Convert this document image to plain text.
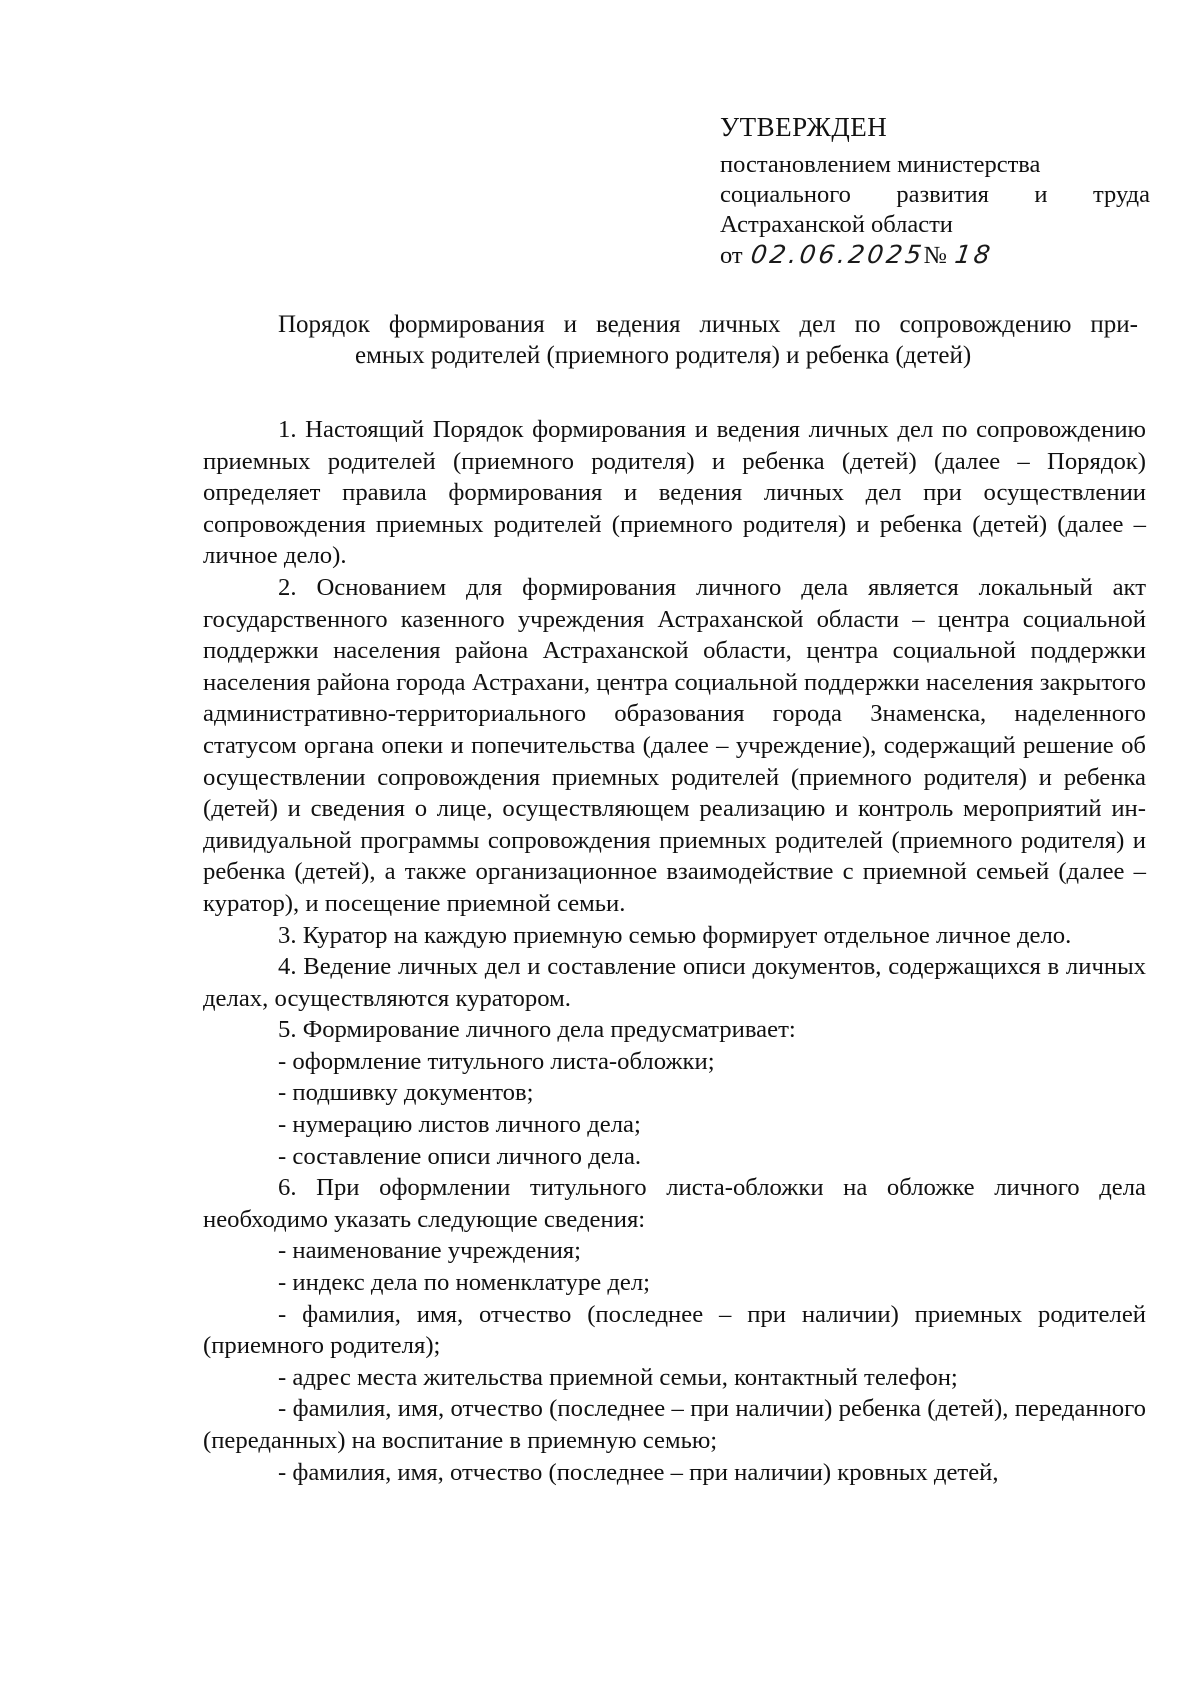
УТВЕРЖДЕН
постановлением министерства
социального развития и труда
Астраханской области
от 02.06.2025
№ 18
Порядок формирования и ведения личных дел по сопровождению при-
емных родителей (приемного родителя) и ребенка (детей)

1. Настоящий Порядок формирования и ведения личных дел по сопровождению приемных родителей (приемного родителя) и ребенка (детей) (далее – Порядок) определяет правила формирования и ведения личных дел при осуществлении сопровождения приемных родителей (приемного родителя) и ребенка (детей) (далее – личное дело).

2. Основанием для формирования личного дела является локальный акт государственного казенного учреждения Астраханской области – центра социальной поддержки населения района Астраханской области, центра социальной поддержки населения района города Астрахани, центра социальной поддержки населения закрытого административно-территориального образования города Знаменска, наделенного статусом органа опеки и попечительства (далее – учреждение), содержащий решение об осуществлении сопровождения приемных родителей (приемного родителя) и ребенка (детей) и сведения о лице, осуществляющем реализацию и контроль мероприятий индивидуальной программы сопровождения приемных родителей (приемного родителя) и ребенка (детей), а также организационное взаимодействие с приемной семьей (далее – куратор), и посещение приемной семьи.

3. Куратор на каждую приемную семью формирует отдельное личное дело.

4. Ведение личных дел и составление описи документов, содержащихся в личных делах, осуществляются куратором.

5. Формирование личного дела предусматривает:

- оформление титульного листа-обложки;

- подшивку документов;

- нумерацию листов личного дела;

- составление описи личного дела.

6. При оформлении титульного листа-обложки на обложке личного дела необходимо указать следующие сведения:

- наименование учреждения;

- индекс дела по номенклатуре дел;

- фамилия, имя, отчество (последнее – при наличии) приемных родителей (приемного родителя);

- адрес места жительства приемной семьи, контактный телефон;

- фамилия, имя, отчество (последнее – при наличии) ребенка (детей), переданного (переданных) на воспитание в приемную семью;

- фамилия, имя, отчество (последнее – при наличии) кровных детей,
